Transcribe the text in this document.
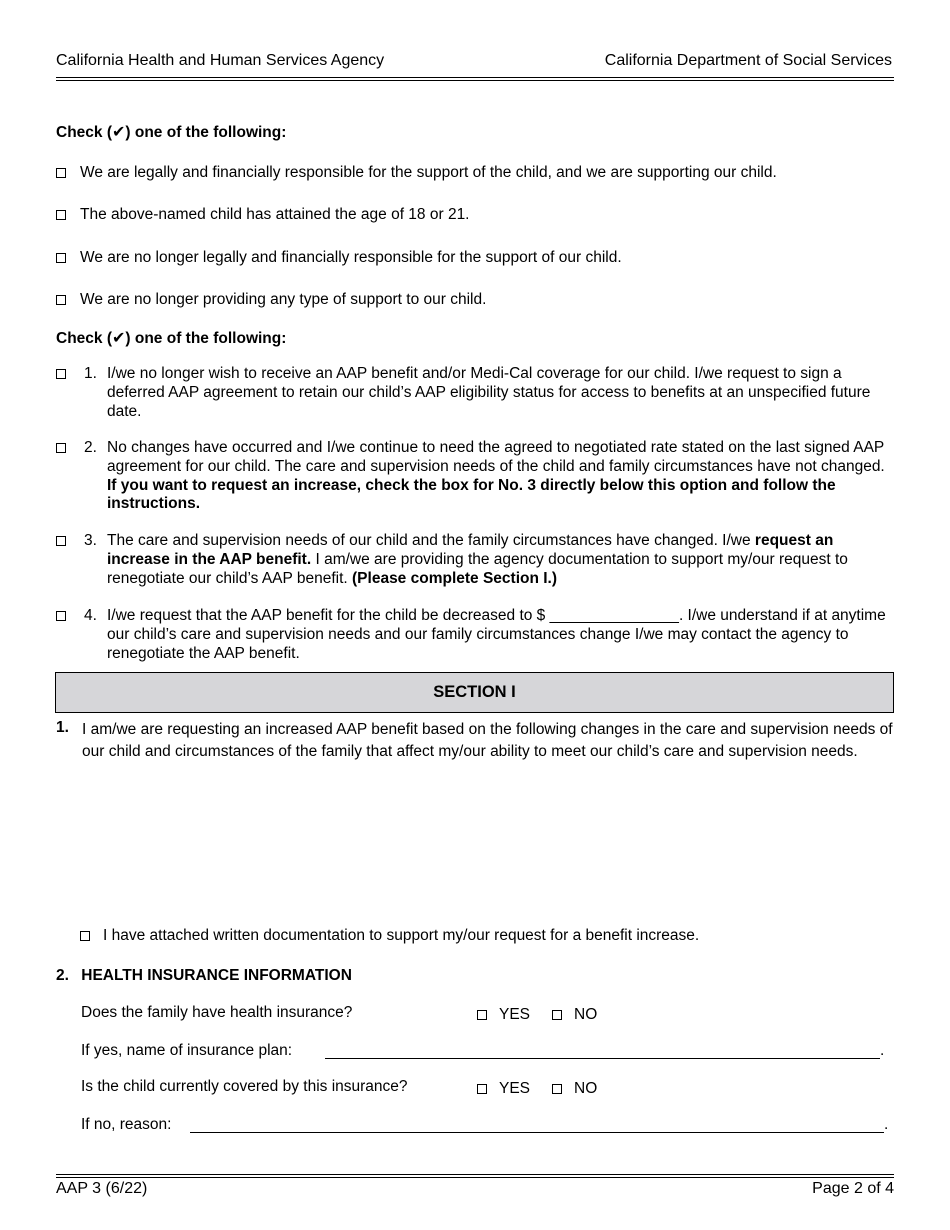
California Health and Human Services Agency	California Department of Social Services
Check (✔) one of the following:
We are legally and financially responsible for the support of the child, and we are supporting our child.
The above-named child has attained the age of 18 or 21.
We are no longer legally and financially responsible for the support of our child.
We are no longer providing any type of support to our child.
Check (✔) one of the following:
1. I/we no longer wish to receive an AAP benefit and/or Medi-Cal coverage for our child. I/we request to sign a deferred AAP agreement to retain our child’s AAP eligibility status for access to benefits at an unspecified future date.
2. No changes have occurred and I/we continue to need the agreed to negotiated rate stated on the last signed AAP agreement for our child. The care and supervision needs of the child and family circumstances have not changed. If you want to request an increase, check the box for No. 3 directly below this option and follow the instructions.
3. The care and supervision needs of our child and the family circumstances have changed. I/we request an increase in the AAP benefit. I am/we are providing the agency documentation to support my/our request to renegotiate our child’s AAP benefit. (Please complete Section I.)
4. I/we request that the AAP benefit for the child be decreased to $ _______________. I/we understand if at anytime our child’s care and supervision needs and our family circumstances change I/we may contact the agency to renegotiate the AAP benefit.
SECTION I
1. I am/we are requesting an increased AAP benefit based on the following changes in the care and supervision needs of our child and circumstances of the family that affect my/our ability to meet our child’s care and supervision needs.
I have attached written documentation to support my/our request for a benefit increase.
2. HEALTH INSURANCE INFORMATION
Does the family have health insurance?	YES	NO
If yes, name of insurance plan:	.
Is the child currently covered by this insurance?	YES	NO
If no, reason:	.
AAP 3 (6/22)	Page 2 of 4
